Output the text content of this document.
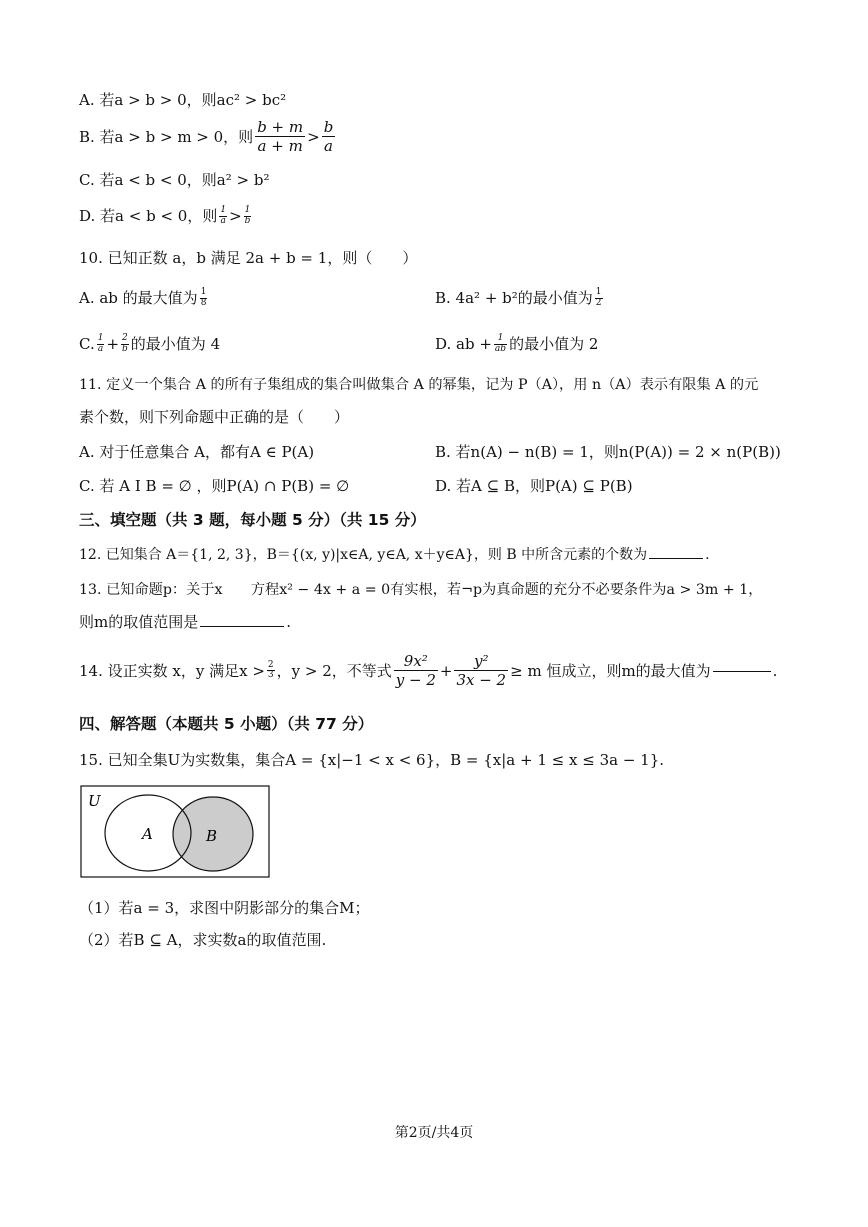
A. 若a > b > 0，则ac² > bc²
B. 若a > b > m > 0，则 $\frac{b + m}{a + m} > \frac{b}{a}$
C. 若a < b < 0，则a² > b²
D. 若a < b < 0，则 $\frac{1}{a} > \frac{1}{b}$
10. 已知正数 a，b 满足 2a + b = 1，则（　　）
A. ab 的最大值为 $\frac{1}{8}$	B. 4a² + b²的最小值为 $\frac{1}{2}$
C. $\frac{1}{a} + \frac{2}{b}$ 的最小值为 4	D. ab + $\frac{1}{ab}$ 的最小值为 2
11. 定义一个集合 A 的所有子集组成的集合叫做集合 A 的幂集，记为 P（A），用 n（A）表示有限集 A 的元
素个数，则下列命题中正确的是（　　）
A. 对于任意集合 A，都有A ∈ P(A)	B. 若n(A) − n(B) = 1，则n(P(A)) = 2 × n(P(B))
C. 若 A I B = ∅ ，则P(A) ∩ P(B) = ∅	D. 若A ⊆ B，则P(A) ⊆ P(B)
三、填空题（共 3 题，每小题 5 分）（共 15 分）
12. 已知集合 A＝{1, 2, 3}，B＝{(x, y)|x∈A, y∈A, x＋y∈A}，则 B 中所含元素的个数为	.
13. 已知命题p：关于x　　方程x² − 4x + a = 0有实根，若¬p为真命题的充分不必要条件为a > 3m + 1，
则m的取值范围是	.
14. 设正实数 x，y 满足$x > \frac{2}{3}$ ，y > 2，不等式 $\frac{\text{9x²}}{y - 2} + \frac{\text{y²}}{3x - 2} \ge m$ 恒成立，则m的最大值为	.
四、解答题（本题共 5 小题）（共 77 分）
15. 已知全集U为实数集，集合A = {x|−1 < x < 6}，B = {x|a + 1 ≤ x ≤ 3a − 1}.
U
A	B
（1）若a = 3，求图中阴影部分的集合M；
（2）若B ⊆ A，求实数a的取值范围.
第2页/共4页
